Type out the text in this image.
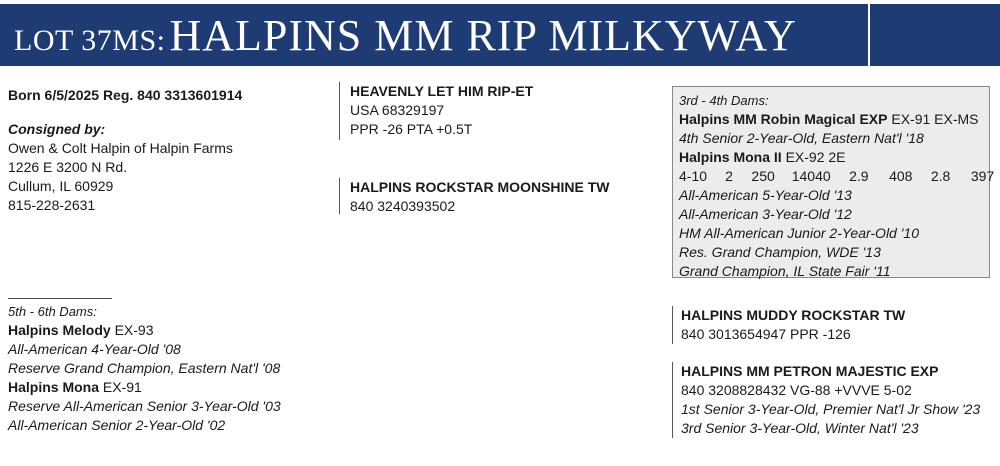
LOT 37MS: HALPINS MM RIP MILKYWAY
Born 6/5/2025 Reg. 840 3313601914
Consigned by:
Owen & Colt Halpin of Halpin Farms
1226 E 3200 N Rd.
Cullum, IL 60929
815-228-2631
5th - 6th Dams:
Halpins Melody EX-93
All-American 4-Year-Old '08
Reserve Grand Champion, Eastern Nat'l '08
Halpins Mona EX-91
Reserve All-American Senior 3-Year-Old '03
All-American Senior 2-Year-Old '02
HEAVENLY LET HIM RIP-ET
USA 68329197
PPR -26 PTA +0.5T
HALPINS ROCKSTAR MOONSHINE TW
840 3240393502
3rd - 4th Dams:
Halpins MM Robin Magical EXP EX-91 EX-MS
4th Senior 2-Year-Old, Eastern Nat'l '18
Halpins Mona II EX-92 2E
4-10 2 250 14040 2.9 408 2.8 397
All-American 5-Year-Old '13
All-American 3-Year-Old '12
HM All-American Junior 2-Year-Old '10
Res. Grand Champion, WDE '13
Grand Champion, IL State Fair '11
HALPINS MUDDY ROCKSTAR TW
840 3013654947 PPR -126
HALPINS MM PETRON MAJESTIC EXP
840 3208828432 VG-88 +VVVE 5-02
1st Senior 3-Year-Old, Premier Nat'l Jr Show '23
3rd Senior 3-Year-Old, Winter Nat'l '23
